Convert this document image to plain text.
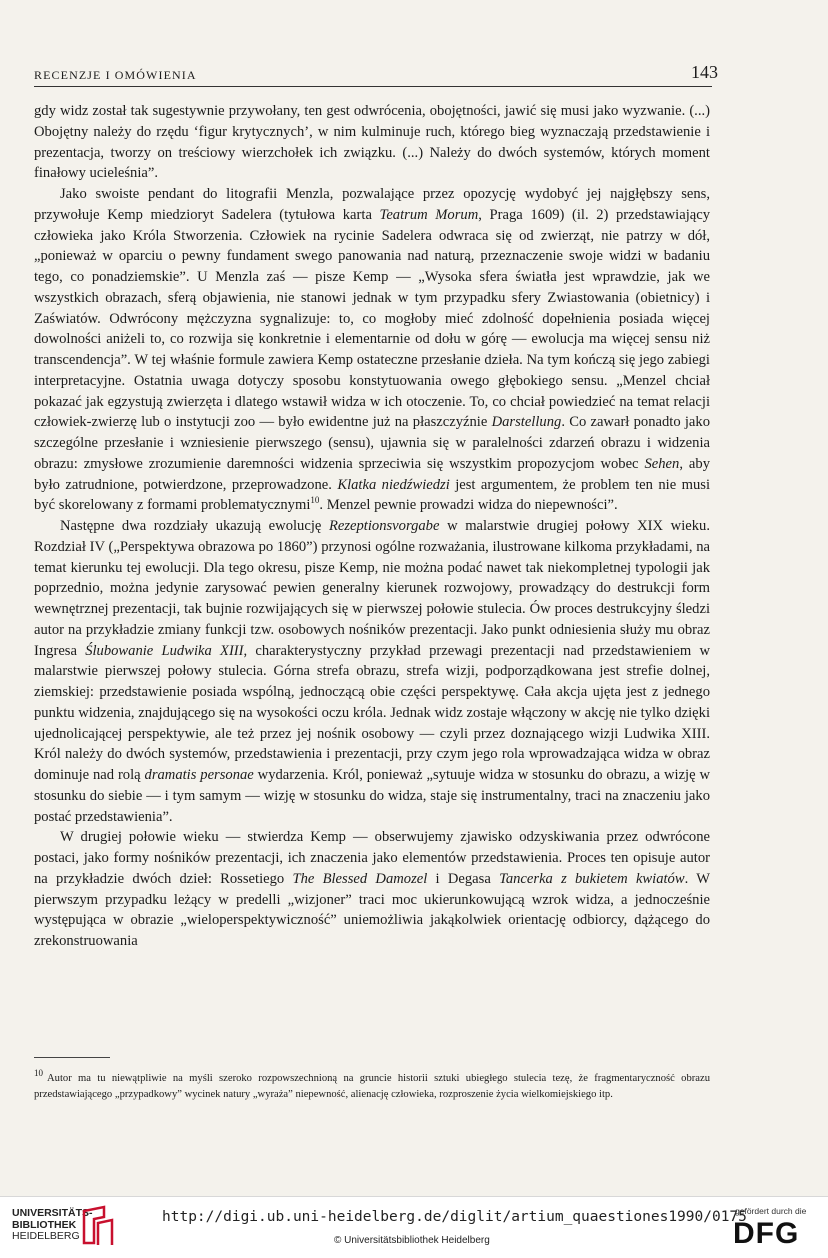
RECENZJE I OMÓWIENIA	143

gdy widz został tak sugestywnie przywołany, ten gest odwrócenia, obojętności, jawić się musi jako wyzwanie. (...) Obojętny należy do rzędu ‘figur krytycznych’, w nim kulminuje ruch, którego bieg wyznaczają przedstawienie i prezentacja, tworzy on treściowy wierzchołek ich związku. (...) Należy do dwóch systemów, których moment finałowy ucieleśnia”.

Jako swoiste pendant do litografii Menzla, pozwalające przez opozycję wydobyć jej najgłębszy sens, przywołuje Kemp miedzioryt Sadelera (tytułowa karta Teatrum Morum, Praga 1609) (il. 2) przedstawiający człowieka jako Króla Stworzenia. Człowiek na rycinie Sadelera odwraca się od zwierząt, nie patrzy w dół, „ponieważ w oparciu o pewny fundament swego panowania nad naturą, przeznaczenie swoje widzi w badaniu tego, co ponadziemskie”. U Menzla zaś — pisze Kemp — „Wysoka sfera światła jest wprawdzie, jak we wszystkich obrazach, sferą objawienia, nie stanowi jednak w tym przypadku sfery Zwiastowania (obietnicy) i Zaświatów. Odwrócony mężczyzna sygnalizuje: to, co mogłoby mieć zdolność dopełnienia posiada więcej dowolności aniżeli to, co rozwija się konkretnie i elementarnie od dołu w górę — ewolucja ma więcej sensu niż transcendencja”. W tej właśnie formule zawiera Kemp ostateczne przesłanie dzieła. Na tym kończą się jego zabiegi interpretacyjne. Ostatnia uwaga dotyczy sposobu konstytuowania owego głębokiego sensu. „Menzel chciał pokazać jak egzystują zwierzęta i dlatego wstawił widza w ich otoczenie. To, co chciał powiedzieć na temat relacji człowiek-zwierzę lub o instytucji zoo — było ewidentne już na płaszczyźnie Darstellung. Co zawarł ponadto jako szczególne przesłanie i wzniesienie pierwszego (sensu), ujawnia się w paralelności zdarzeń obrazu i widzenia obrazu: zmysłowe zrozumienie daremności widzenia sprzeciwia się wszystkim propozycjom wobec Sehen, aby było zatrudnione, potwierdzone, przeprowadzone. Klatka niedźwiedzi jest argumentem, że problem ten nie musi być skorelowany z formami problematycznymi$^{10}$. Menzel pewnie prowadzi widza do niepewności”.

Następne dwa rozdziały ukazują ewolucję Rezeptionsvorgabe w malarstwie drugiej połowy XIX wieku. Rozdział IV („Perspektywa obrazowa po 1860”) przynosi ogólne rozważania, ilustrowane kilkoma przykładami, na temat kierunku tej ewolucji. Dla tego okresu, pisze Kemp, nie można podać nawet tak niekompletnej typologii jak poprzednio, można jedynie zarysować pewien generalny kierunek rozwojowy, prowadzący do destrukcji form wewnętrznej prezentacji, tak bujnie rozwijających się w pierwszej połowie stulecia. Ów proces destrukcyjny śledzi autor na przykładzie zmiany funkcji tzw. osobowych nośników prezentacji. Jako punkt odniesienia służy mu obraz Ingresa Ślubowanie Ludwika XIII, charakterystyczny przykład przewagi prezentacji nad przedstawieniem w malarstwie pierwszej połowy stulecia. Górna strefa obrazu, strefa wizji, podporządkowana jest strefie dolnej, ziemskiej: przedstawienie posiada wspólną, jednoczącą obie części perspektywę. Cała akcja ujęta jest z jednego punktu widzenia, znajdującego się na wysokości oczu króla. Jednak widz zostaje włączony w akcję nie tylko dzięki ujednolicającej perspektywie, ale też przez jej nośnik osobowy — czyli przez doznającego wizji Ludwika XIII. Król należy do dwóch systemów, przedstawienia i prezentacji, przy czym jego rola wprowadzająca widza w obraz dominuje nad rolą dramatis personae wydarzenia. Król, ponieważ „sytuuje widza w stosunku do obrazu, a wizję w stosunku do siebie — i tym samym — wizję w stosunku do widza, staje się instrumentalny, traci na znaczeniu jako postać przedstawienia”.

W drugiej połowie wieku — stwierdza Kemp — obserwujemy zjawisko odzyskiwania przez odwrócone postaci, jako formy nośników prezentacji, ich znaczenia jako elementów przedstawienia. Proces ten opisuje autor na przykładzie dwóch dzieł: Rossetiego The Blessed Damozel i Degasa Tancerka z bukietem kwiatów. W pierwszym przypadku leżący w predelli „wizjoner” traci moc ukierunkowującą wzrok widza, a jednocześnie występująca w obrazie „wieloperspektywiczność” uniemożliwia jakąkolwiek orientację odbiorcy, dążącego do zrekonstruowania

$^{10}$ Autor ma tu niewątpliwie na myśli szeroko rozpowszechnioną na gruncie historii sztuki ubiegłego stulecia tezę, że fragmentaryczność obrazu przedstawiającego „przypadkowy” wycinek natury „wyraża” niepewność, alienację człowieka, rozproszenie życia wielkomiejskiego itp.
UNIVERSITÄTS-
BIBLIOTHEK
HEIDELBERG
http://digi.ub.uni-heidelberg.de/diglit/artium_quaestiones1990/0175
© Universitätsbibliothek Heidelberg
gefördert durch die
DFG
